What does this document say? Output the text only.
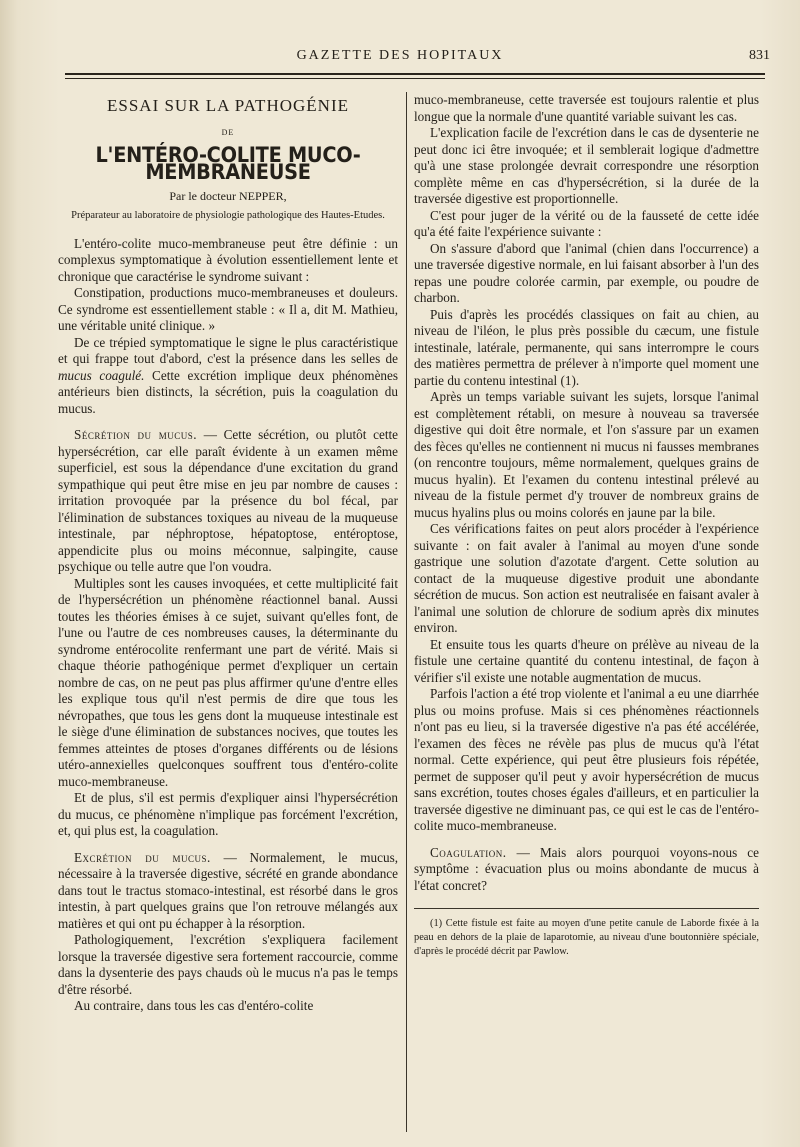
GAZETTE DES HOPITAUX	831
ESSAI SUR LA PATHOGÉNIE
DE
L'ENTÉRO-COLITE MUCO-MEMBRANEUSE
Par le docteur NEPPER,
Préparateur au laboratoire de physiologie pathologique des Hautes-Etudes.

L'entéro-colite muco-membraneuse peut être définie : un complexus symptomatique à évolution essentiellement lente et chronique que caractérise le syndrome suivant :

Constipation, productions muco-membraneuses et douleurs. Ce syndrome est essentiellement stable : « Il a, dit M. Mathieu, une véritable unité clinique. »

De ce trépied symptomatique le signe le plus caractéristique et qui frappe tout d'abord, c'est la présence dans les selles de mucus coagulé. Cette excrétion implique deux phénomènes antérieurs bien distincts, la sécrétion, puis la coagulation du mucus.

Sécrétion du mucus. — Cette sécrétion, ou plutôt cette hypersécrétion, car elle paraît évidente à un examen même superficiel, est sous la dépendance d'une excitation du grand sympathique qui peut être mise en jeu par nombre de causes : irritation provoquée par la présence du bol fécal, par l'élimination de substances toxiques au niveau de la muqueuse intestinale, par néphroptose, hépatoptose, entéroptose, appendicite plus ou moins méconnue, salpingite, cause psychique ou telle autre que l'on voudra.

Multiples sont les causes invoquées, et cette multiplicité fait de l'hypersécrétion un phénomène réactionnel banal. Aussi toutes les théories émises à ce sujet, suivant qu'elles font, de l'une ou l'autre de ces nombreuses causes, la déterminante du syndrome entérocolite renfermant une part de vérité. Mais si chaque théorie pathogénique permet d'expliquer un certain nombre de cas, on ne peut pas plus affirmer qu'une d'entre elles les explique tous qu'il n'est permis de dire que tous les névropathes, que tous les gens dont la muqueuse intestinale est le siège d'une élimination de substances nocives, que toutes les femmes atteintes de ptoses d'organes différents ou de lésions utéro-annexielles quelconques souffrent tous d'entéro-colite muco-membraneuse.

Et de plus, s'il est permis d'expliquer ainsi l'hypersécrétion du mucus, ce phénomène n'implique pas forcément l'excrétion, et, qui plus est, la coagulation.

Excrétion du mucus. — Normalement, le mucus, nécessaire à la traversée digestive, sécrété en grande abondance dans tout le tractus stomaco-intestinal, est résorbé dans le gros intestin, à part quelques grains que l'on retrouve mélangés aux matières et qui ont pu échapper à la résorption.

Pathologiquement, l'excrétion s'expliquera facilement lorsque la traversée digestive sera fortement raccourcie, comme dans la dysenterie des pays chauds où le mucus n'a pas le temps d'être résorbé.

Au contraire, dans tous les cas d'entéro-colite

muco-membraneuse, cette traversée est toujours ralentie et plus longue que la normale d'une quantité variable suivant les cas.

L'explication facile de l'excrétion dans le cas de dysenterie ne peut donc ici être invoquée; et il semblerait logique d'admettre qu'à une stase prolongée devrait correspondre une résorption complète même en cas d'hypersécrétion, si la durée de la traversée digestive est proportionnelle.

C'est pour juger de la vérité ou de la fausseté de cette idée qu'a été faite l'expérience suivante :

On s'assure d'abord que l'animal (chien dans l'occurrence) a une traversée digestive normale, en lui faisant absorber à l'un des repas une poudre colorée carmin, par exemple, ou poudre de charbon.

Puis d'après les procédés classiques on fait au chien, au niveau de l'iléon, le plus près possible du cæcum, une fistule intestinale, latérale, permanente, qui sans interrompre le cours des matières permettra de prélever à n'importe quel moment une partie du contenu intestinal (1).

Après un temps variable suivant les sujets, lorsque l'animal est complètement rétabli, on mesure à nouveau sa traversée digestive qui doit être normale, et l'on s'assure par un examen des fèces qu'elles ne contiennent ni mucus ni fausses membranes (on rencontre toujours, même normalement, quelques grains de mucus hyalin). Et l'examen du contenu intestinal prélevé au niveau de la fistule permet d'y trouver de nombreux grains de mucus hyalins plus ou moins colorés en jaune par la bile.

Ces vérifications faites on peut alors procéder à l'expérience suivante : on fait avaler à l'animal au moyen d'une sonde gastrique une solution d'azotate d'argent. Cette solution au contact de la muqueuse digestive produit une abondante sécrétion de mucus. Son action est neutralisée en faisant avaler à l'animal une solution de chlorure de sodium après dix minutes environ.

Et ensuite tous les quarts d'heure on prélève au niveau de la fistule une certaine quantité du contenu intestinal, de façon à vérifier s'il existe une notable augmentation de mucus.

Parfois l'action a été trop violente et l'animal a eu une diarrhée plus ou moins profuse. Mais si ces phénomènes réactionnels n'ont pas eu lieu, si la traversée digestive n'a pas été accélérée, l'examen des fèces ne révèle pas plus de mucus qu'à l'état normal. Cette expérience, qui peut être plusieurs fois répétée, permet de supposer qu'il peut y avoir hypersécrétion de mucus sans excrétion, toutes choses égales d'ailleurs, et en particulier la traversée digestive ne diminuant pas, ce qui est le cas de l'entéro-colite muco-membraneuse.

Coagulation. — Mais alors pourquoi voyons-nous ce symptôme : évacuation plus ou moins abondante de mucus à l'état concret?

(1) Cette fistule est faite au moyen d'une petite canule de Laborde fixée à la peau en dehors de la plaie de laparotomie, au niveau d'une boutonnière spéciale, d'après le procédé décrit par Pawlow.
